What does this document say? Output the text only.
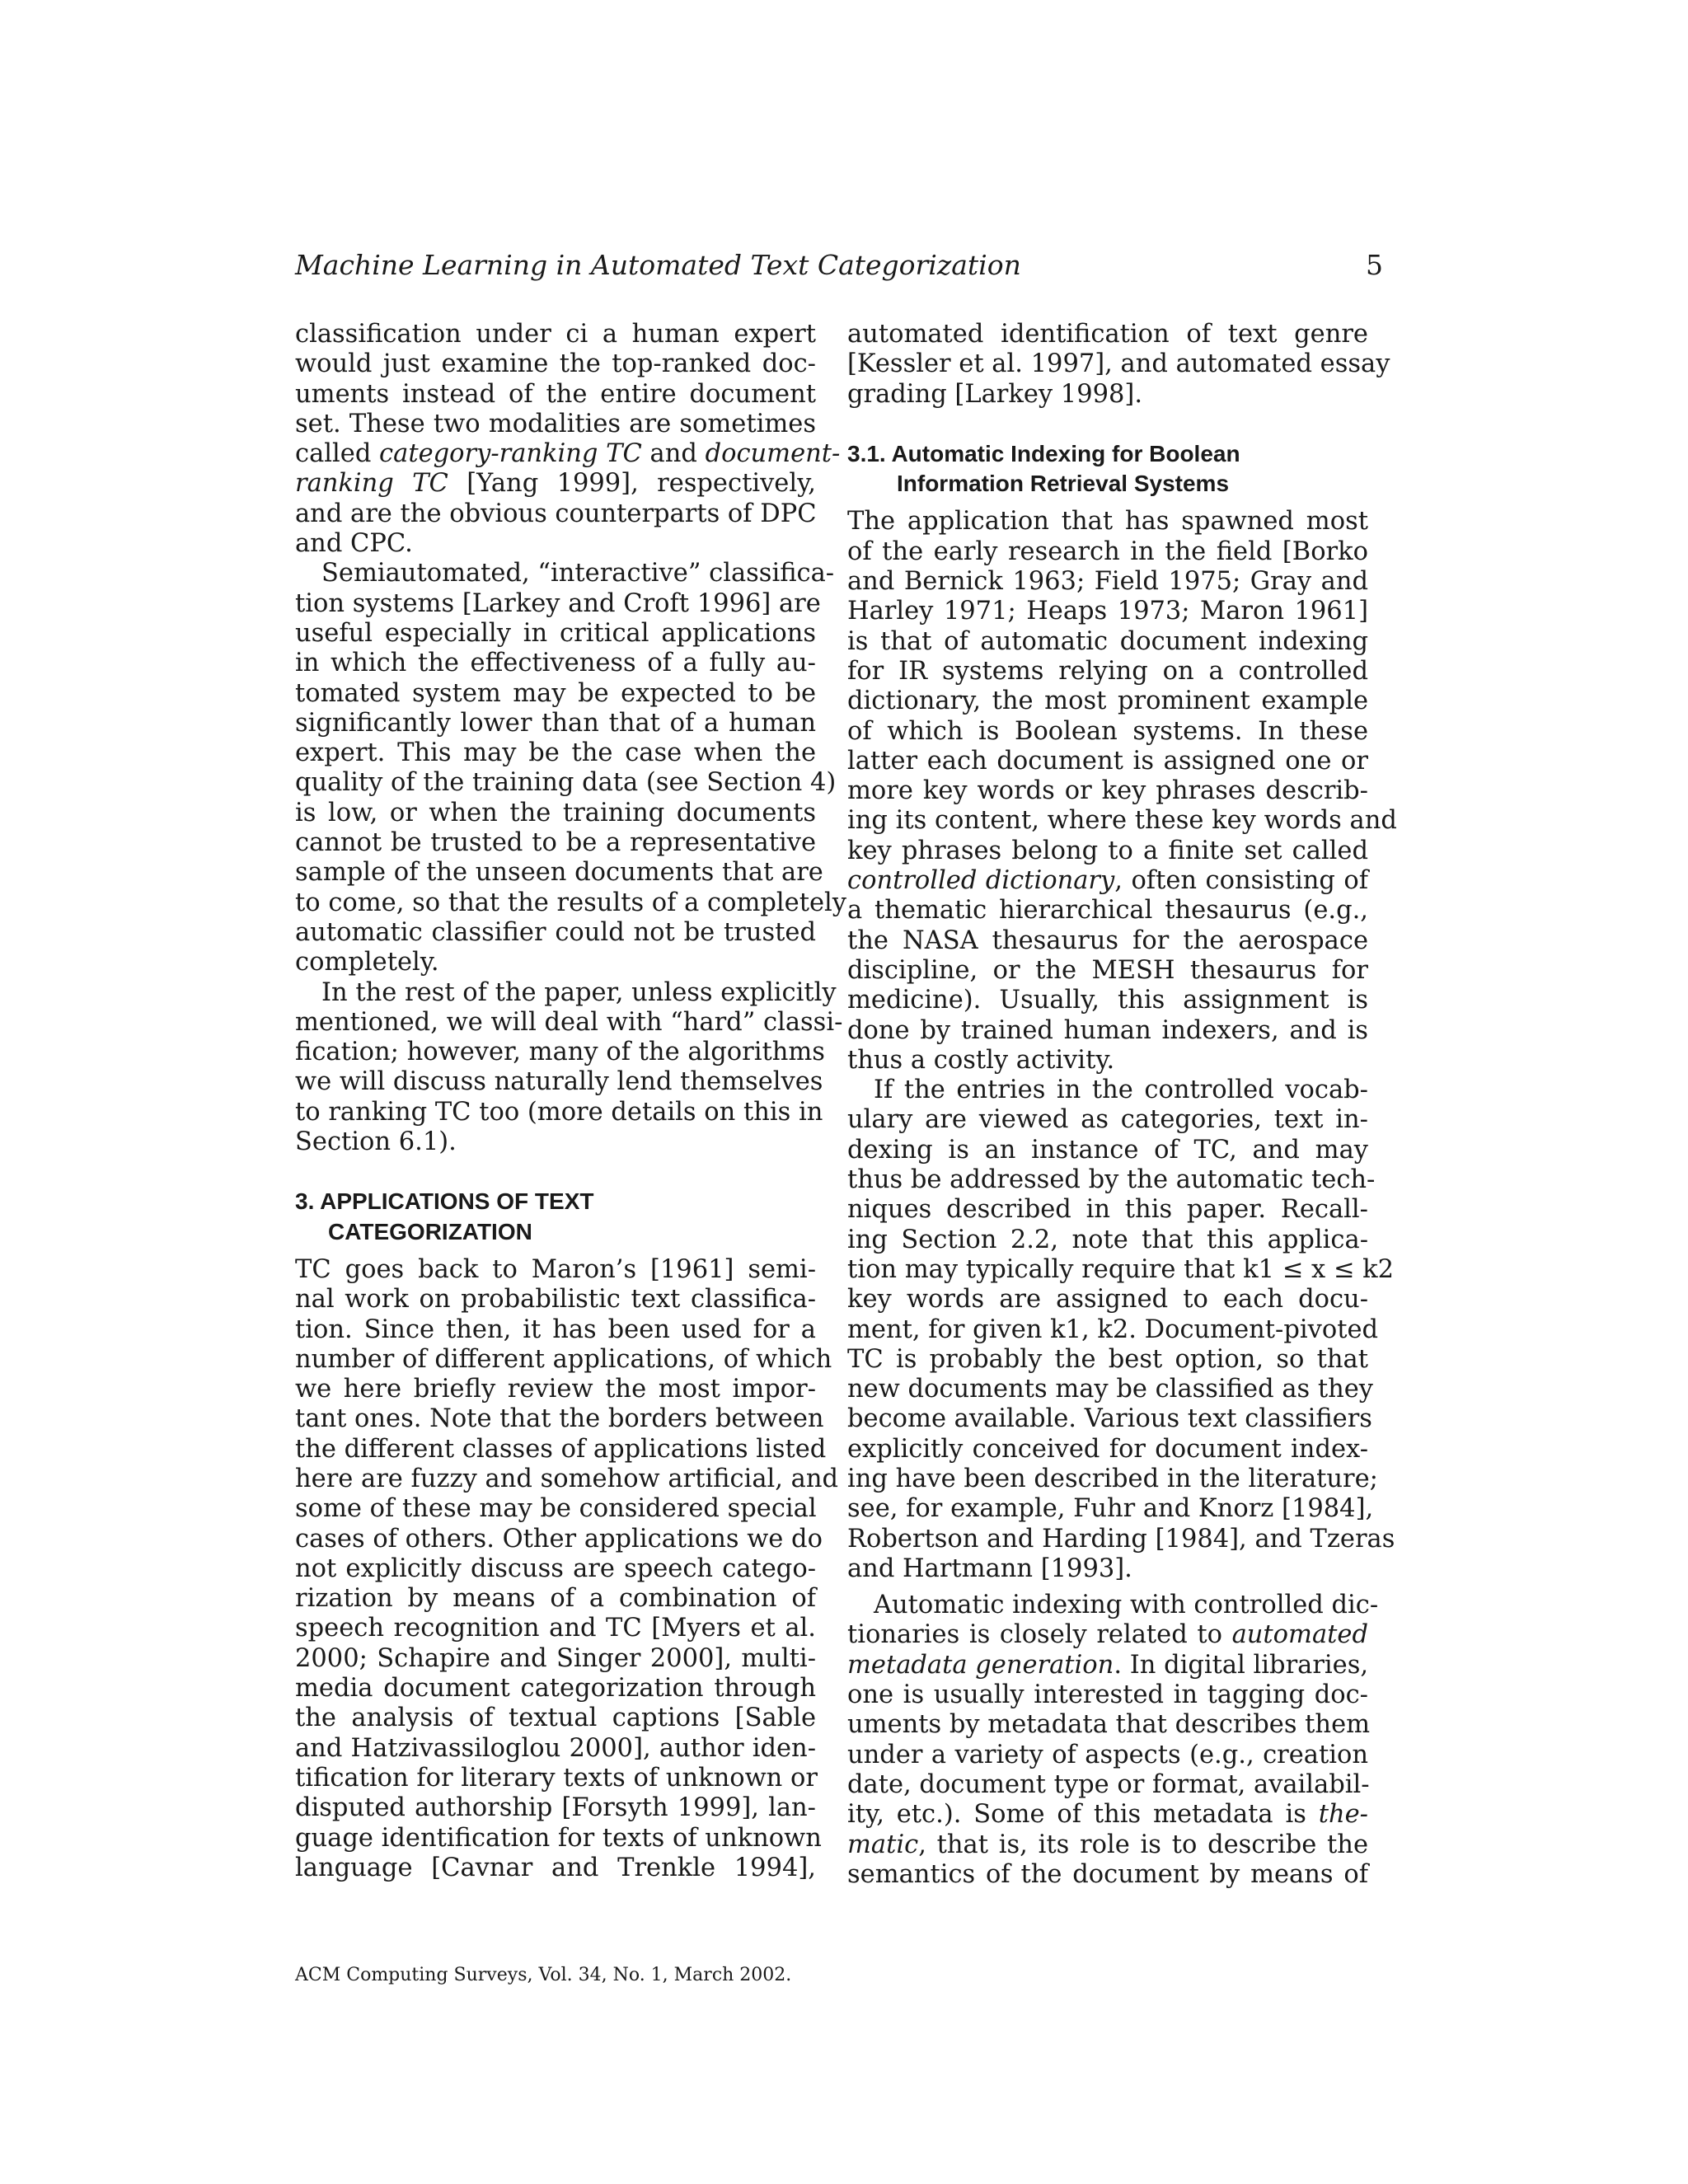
Machine Learning in Automated Text Categorization	5
classification under ci a human expert
would just examine the top-ranked doc-
uments instead of the entire document
set. These two modalities are sometimes
called category-ranking TC and document-
ranking TC [Yang 1999], respectively,
and are the obvious counterparts of DPC
and CPC.
Semiautomated, “interactive” classifica-
tion systems [Larkey and Croft 1996] are
useful especially in critical applications
in which the effectiveness of a fully au-
tomated system may be expected to be
significantly lower than that of a human
expert. This may be the case when the
quality of the training data (see Section 4)
is low, or when the training documents
cannot be trusted to be a representative
sample of the unseen documents that are
to come, so that the results of a completely
automatic classifier could not be trusted
completely.
In the rest of the paper, unless explicitly
mentioned, we will deal with “hard” classi-
fication; however, many of the algorithms
we will discuss naturally lend themselves
to ranking TC too (more details on this in
Section 6.1).
3. APPLICATIONS OF TEXT
CATEGORIZATION
TC goes back to Maron’s [1961] semi-
nal work on probabilistic text classifica-
tion. Since then, it has been used for a
number of different applications, of which
we here briefly review the most impor-
tant ones. Note that the borders between
the different classes of applications listed
here are fuzzy and somehow artificial, and
some of these may be considered special
cases of others. Other applications we do
not explicitly discuss are speech catego-
rization by means of a combination of
speech recognition and TC [Myers et al.
2000; Schapire and Singer 2000], multi-
media document categorization through
the analysis of textual captions [Sable
and Hatzivassiloglou 2000], author iden-
tification for literary texts of unknown or
disputed authorship [Forsyth 1999], lan-
guage identification for texts of unknown
language [Cavnar and Trenkle 1994],
automated identification of text genre
[Kessler et al. 1997], and automated essay
grading [Larkey 1998].
3.1. Automatic Indexing for Boolean
Information Retrieval Systems
The application that has spawned most
of the early research in the field [Borko
and Bernick 1963; Field 1975; Gray and
Harley 1971; Heaps 1973; Maron 1961]
is that of automatic document indexing
for IR systems relying on a controlled
dictionary, the most prominent example
of which is Boolean systems. In these
latter each document is assigned one or
more key words or key phrases describ-
ing its content, where these key words and
key phrases belong to a finite set called
controlled dictionary, often consisting of
a thematic hierarchical thesaurus (e.g.,
the NASA thesaurus for the aerospace
discipline, or the MESH thesaurus for
medicine). Usually, this assignment is
done by trained human indexers, and is
thus a costly activity.
If the entries in the controlled vocab-
ulary are viewed as categories, text in-
dexing is an instance of TC, and may
thus be addressed by the automatic tech-
niques described in this paper. Recall-
ing Section 2.2, note that this applica-
tion may typically require that k1 ≤ x ≤ k2
key words are assigned to each docu-
ment, for given k1, k2. Document-pivoted
TC is probably the best option, so that
new documents may be classified as they
become available. Various text classifiers
explicitly conceived for document index-
ing have been described in the literature;
see, for example, Fuhr and Knorz [1984],
Robertson and Harding [1984], and Tzeras
and Hartmann [1993].
Automatic indexing with controlled dic-
tionaries is closely related to automated
metadata generation. In digital libraries,
one is usually interested in tagging doc-
uments by metadata that describes them
under a variety of aspects (e.g., creation
date, document type or format, availabil-
ity, etc.). Some of this metadata is the-
matic, that is, its role is to describe the
semantics of the document by means of
ACM Computing Surveys, Vol. 34, No. 1, March 2002.
